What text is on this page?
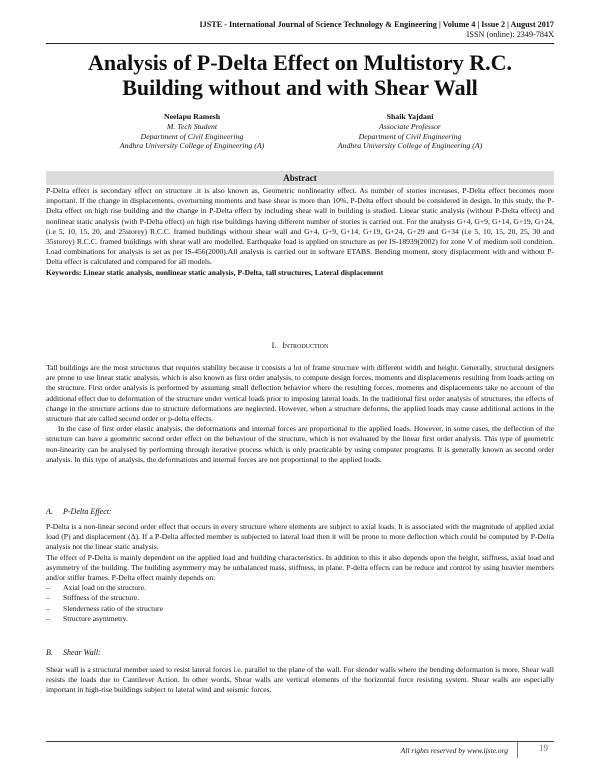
IJSTE - International Journal of Science Technology & Engineering | Volume 4 | Issue 2 | August 2017
ISSN (online): 2349-784X
Analysis of P-Delta Effect on Multistory R.C.
Building without and with Shear Wall
Neelapu Ramesh
M. Tech Student
Department of Civil Engineering
Andhra University College of Engineering (A)
Shaik Yajdani
Associate Professor
Department of Civil Engineering
Andhra University College of Engineering (A)
Abstract
P-Delta effect is secondary effect on structure .it is also known as, Geometric nonlinearity effect. As number of stories increases, P-Delta effect becomes more important. If the change in displacements, overturning moments and base shear is more than 10%, P-Delta effect should be considered in design. In this study, the P-Delta effect on high rise building and the change in P-Delta effect by including shear wall in building is studied. Linear static analysis (without P-Delta effect) and nonlinear static analysis (with P-Delta effect) on high rise buildings having different number of stories is carried out. For the analysis G+4, G+9, G+14, G+19, G+24, (i.e 5, 10, 15, 20, and 25storey) R.C.C. framed buildings without shear wall and G+4, G+9, G+14, G+19, G+24, G+29 and G+34 (i.e 5, 10, 15, 20, 25, 30 and 35storey) R.C.C. framed buildings with shear wall are modelled. Earthquake load is applied on structure as per IS-18939(2002) for zone V of medium soil condition. Load combinations for analysis is set as per IS-456(2000).All analysis is carried out in software ETABS. Bending moment, story displacement with and without P-Delta effect is calculated and compared for all models.
Keywords: Linear static analysis, nonlinear static analysis, P-Delta, tall structures, Lateral displacement
I. Introduction

Tall buildings are the most structures that requires stability because it consists a lot of frame structure with different width and height. Generally, structural designers are prone to use linear static analysis, which is also known as first order analysis, to compute design forces, moments and displacements resulting from loads acting on the structure. First order analysis is performed by assuming small deflection behavior where the resulting forces, moments and displacements take no account of the additional effect due to deformation of the structure under vertical loads prior to imposing lateral loads. In the traditional first order analysis of structures, the effects of change in the structure actions due to structure deformations are neglected. However, when a structure deforms, the applied loads may cause additional actions in the structure that are called second order or p-delta effects.

In the case of first order elastic analysis, the deformations and internal forces are proportional to the applied loads. However, in some cases, the deflection of the structure can have a geometric second order effect on the behaviour of the structure, which is not evaluated by the linear first order analysis. This type of geometric non-linearity can be analysed by performing through iterative process which is only practicable by using computer programs. It is generally known as second order analysis. In this type of analysis, the deformations and internal forces are not proportional to the applied loads.

A. P-Delta Effect:

P-Delta is a non-linear second order effect that occurs in every structure where elements are subject to axial loads. It is associated with the magnitude of applied axial load (P) and displacement (Δ). If a P-Delta affected member is subjected to lateral load then it will be prone to more deflection which could be computed by P-Delta analysis not the linear static analysis.

The effect of P-Delta is mainly dependent on the applied load and building characteristics. In addition to this it also depends upon the height, stiffness, axial load and asymmetry of the building. The building asymmetry may be unbalanced mass, stiffness, in plane. P-delta effects can be reduce and control by using heavier members and/or stiffer frames. P-Delta effect mainly depends on:

– Axial load on the structure.
– Stiffness of the structure.
– Slenderness ratio of the structure
– Structure asymmetry.
B. Shear Wall:

Shear wall is a structural member used to resist lateral forces i.e. parallel to the plane of the wall. For slender walls where the bending deformation is more, Shear wall resists the loads due to Cantilever Action. In other words, Shear walls are vertical elements of the horizontal force resisting system. Shear walls are especially important in high-rise buildings subject to lateral wind and seismic forces.

All rights reserved by www.ijste.org	19
